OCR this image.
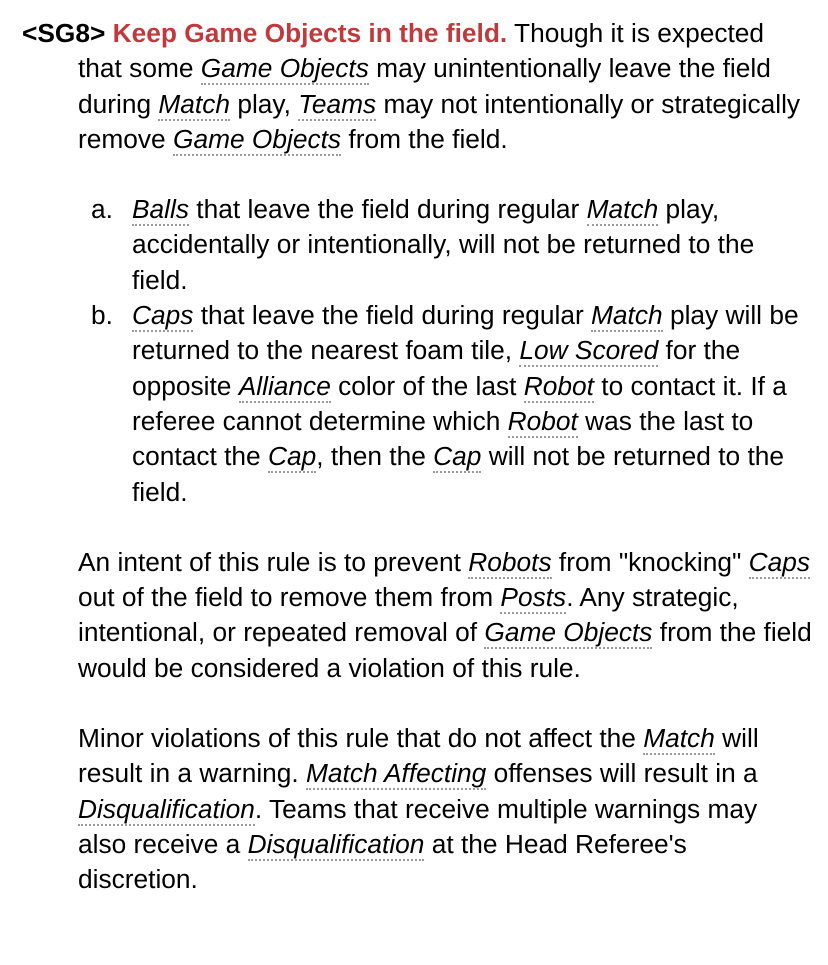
<SG8> Keep Game Objects in the field. Though it is expected that some Game Objects may unintentionally leave the field during Match play, Teams may not intentionally or strategically remove Game Objects from the field.

a. Balls that leave the field during regular Match play, accidentally or intentionally, will not be returned to the field.
b. Caps that leave the field during regular Match play will be returned to the nearest foam tile, Low Scored for the opposite Alliance color of the last Robot to contact it. If a referee cannot determine which Robot was the last to contact the Cap, then the Cap will not be returned to the field.

An intent of this rule is to prevent Robots from "knocking" Caps out of the field to remove them from Posts. Any strategic, intentional, or repeated removal of Game Objects from the field would be considered a violation of this rule.

Minor violations of this rule that do not affect the Match will result in a warning. Match Affecting offenses will result in a Disqualification. Teams that receive multiple warnings may also receive a Disqualification at the Head Referee's discretion.
